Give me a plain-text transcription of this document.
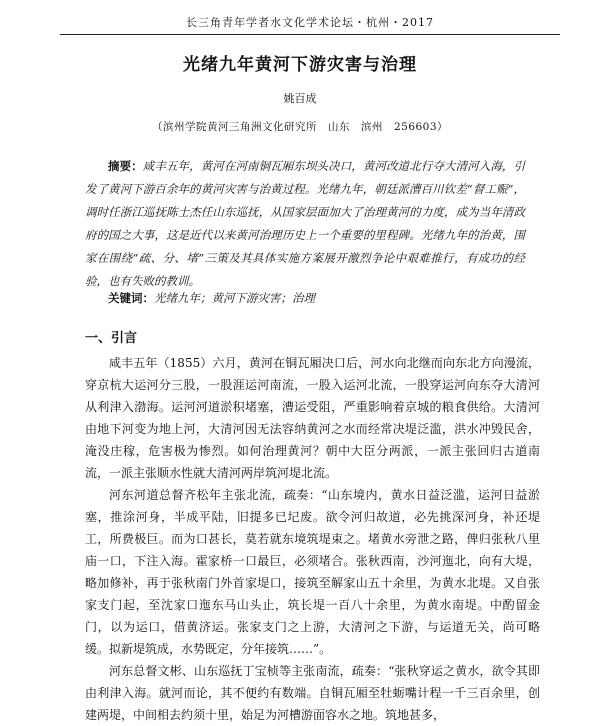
长三角青年学者水文化学术论坛・杭州・2017
光绪九年黄河下游灾害与治理
姚百成
（滨州学院黄河三角洲文化研究所　山东　滨州　256603）

摘要：咸丰五年，黄河在河南铜瓦厢东坝头决口，黄河改道北行夺大清河入海，引发了黄河下游百余年的黄河灾害与治黄过程。光绪九年，朝廷派漕百川钦差“督工赈”，调时任浙江巡抚陈士杰任山东巡抚，从国家层面加大了治理黄河的力度，成为当年清政府的国之大事，这是近代以来黄河治理历史上一个重要的里程碑。光绪九年的治黄，围家在围绕“疏、分、堵”三策及其具体实施方案展开激烈争论中艰难推行，有成功的经验，也有失败的教训。

关键词：光绪九年；黄河下游灾害；治理

一、引言

咸丰五年（1855）六月，黄河在铜瓦厢决口后，河水向北继而向东北方向漫流，穿京杭大运河分三股，一股涯运河南流，一股入运河北流，一股穿运河向东夺大清河从利津入渤海。运河河道淤积堵塞，漕运受阻，严重影响着京城的粮食供给。大清河由地下河变为地上河，大清河因无法容纳黄河之水而经常决堤泛滥，洪水冲毁民舍，淹没庄稼，危害极为惨烈。如何治理黄河？朝中大臣分两派，一派主张回归古道南流，一派主张顺水性就大清河两岸筑河堤北流。

河东河道总督齐松年主张北流，疏奏：“山东境内，黄水日益泛滥，运河日益淤塞，推涂河身，半成平陆，旧提多已圮废。欲令河归故道，必先挑深河身，补还堤工，所费极巨。而为口甚长，莫若就东境筑堤束之。堵黄水旁泄之路，俾归张秋八里庙一口，下注入海。霍家桥一口最巨，必须堵合。张秋西南，沙河迤北，向有大堤，略加修补，再于张秋南门外首家堤口，接筑至解家山五十余里，为黄水北堤。又自张家支门起，至沈家口迤东马山头止，筑长堤一百八十余里，为黄水南堤。中酌留金门，以为运口，借黄济运。张家支门之上游，大清河之下游，与运道无关，尚可略缓。拟新堤筑成，水势既定，分年接筑……”。

河东总督文彬、山东巡抚丁宝桢等主张南流，疏奏：“张秋穿运之黄水，欲令其即由利津入海。就河而论，其不便约有数端。自铜瓦厢至牡蛎嘴计程一千三百余里，创建两堤，中间相去约须十里，始足为河槽游面容水之地。筑地甚多，
